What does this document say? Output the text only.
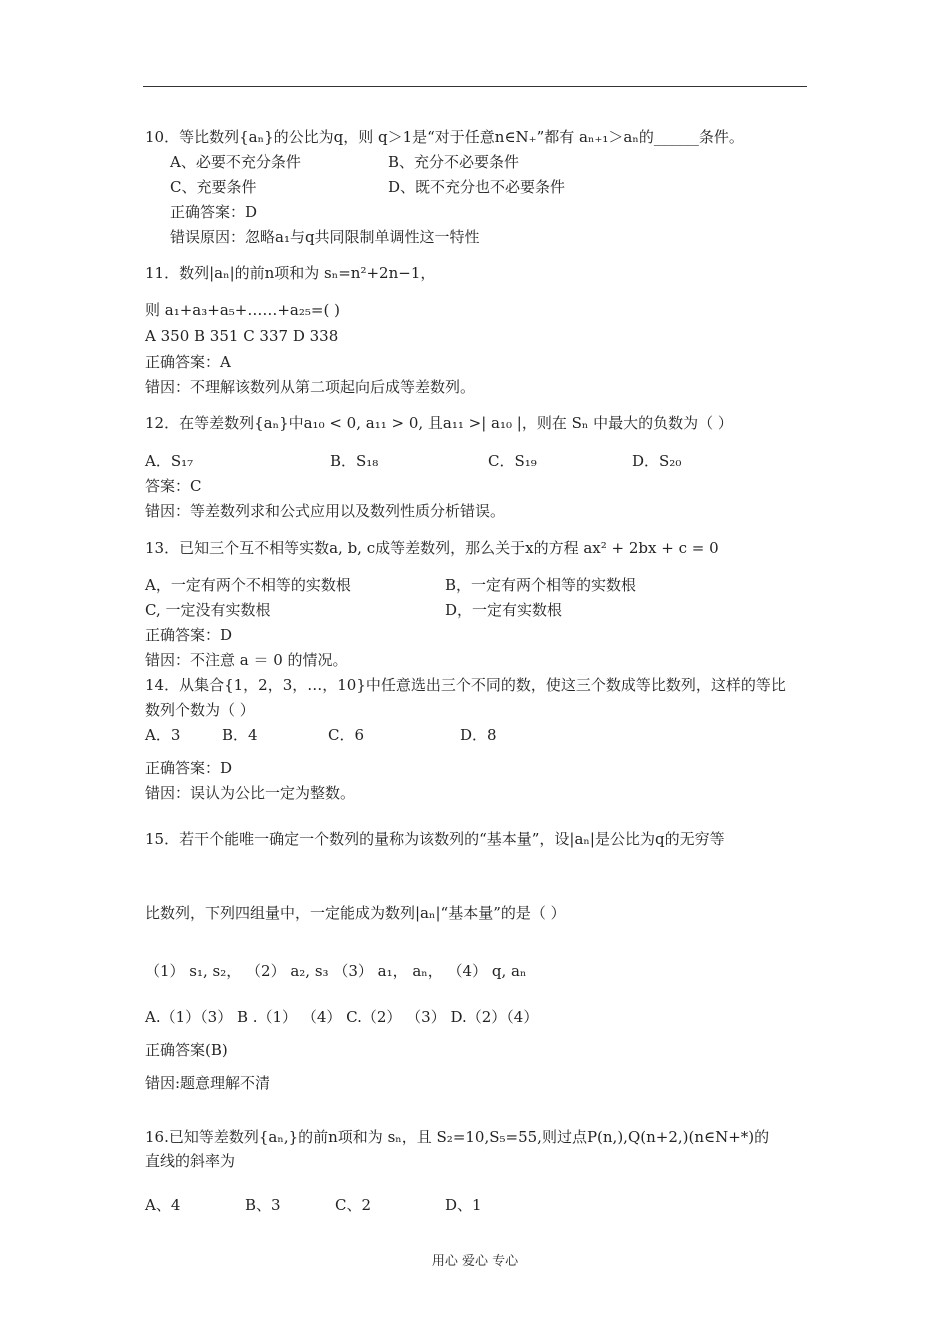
10．等比数列{aₙ}的公比为q，则 q＞1是“对于任意n∈N₊”都有 aₙ₊₁＞aₙ的______条件。
A、必要不充分条件	B、充分不必要条件
C、充要条件	D、既不充分也不必要条件
正确答案：D
错误原因：忽略a₁与q共同限制单调性这一特性
11．数列|aₙ|的前n项和为 sₙ=n²+2n−1，
则 a₁+a₃+a₅+……+a₂₅=( )
A 350 B 351 C 337 D 338
正确答案：A
错因：不理解该数列从第二项起向后成等差数列。
12．在等差数列{aₙ}中a₁₀ < 0, a₁₁ > 0, 且a₁₁ >| a₁₀ |，则在 Sₙ 中最大的负数为（ ）
A．S₁₇	B．S₁₈	C．S₁₉	D．S₂₀
答案：C
错因：等差数列求和公式应用以及数列性质分析错误。
13．已知三个互不相等实数a, b, c成等差数列，那么关于x的方程 ax² + 2bx + c = 0
A，一定有两个不相等的实数根	B，一定有两个相等的实数根
C, 一定没有实数根	D，一定有实数根
正确答案：D
错因：不注意 a ＝ 0 的情况。
14．从集合{1，2，3，…，10}中任意选出三个不同的数，使这三个数成等比数列，这样的等比
数列个数为（ ）
A．3	B．4	C．6	D．8
正确答案：D
错因：误认为公比一定为整数。
15．若干个能唯一确定一个数列的量称为该数列的“基本量”，设|aₙ|是公比为q的无穷等
比数列，下列四组量中，一定能成为数列|aₙ|“基本量”的是（ ）
（1） s₁, s₂， （2） a₂, s₃ （3） a₁， aₙ， （4） q, aₙ
A.（1）（3） B .（1） （4） C.（2） （3） D.（2）（4）
正确答案(B)
错因:题意理解不清
16.已知等差数列{aₙ,}的前n项和为 sₙ，且 S₂=10,S₅=55,则过点P(n,),Q(n+2,)(n∈N+*)的
直线的斜率为
A、4	B、3	C、2	D、1
用心 爱心 专心
